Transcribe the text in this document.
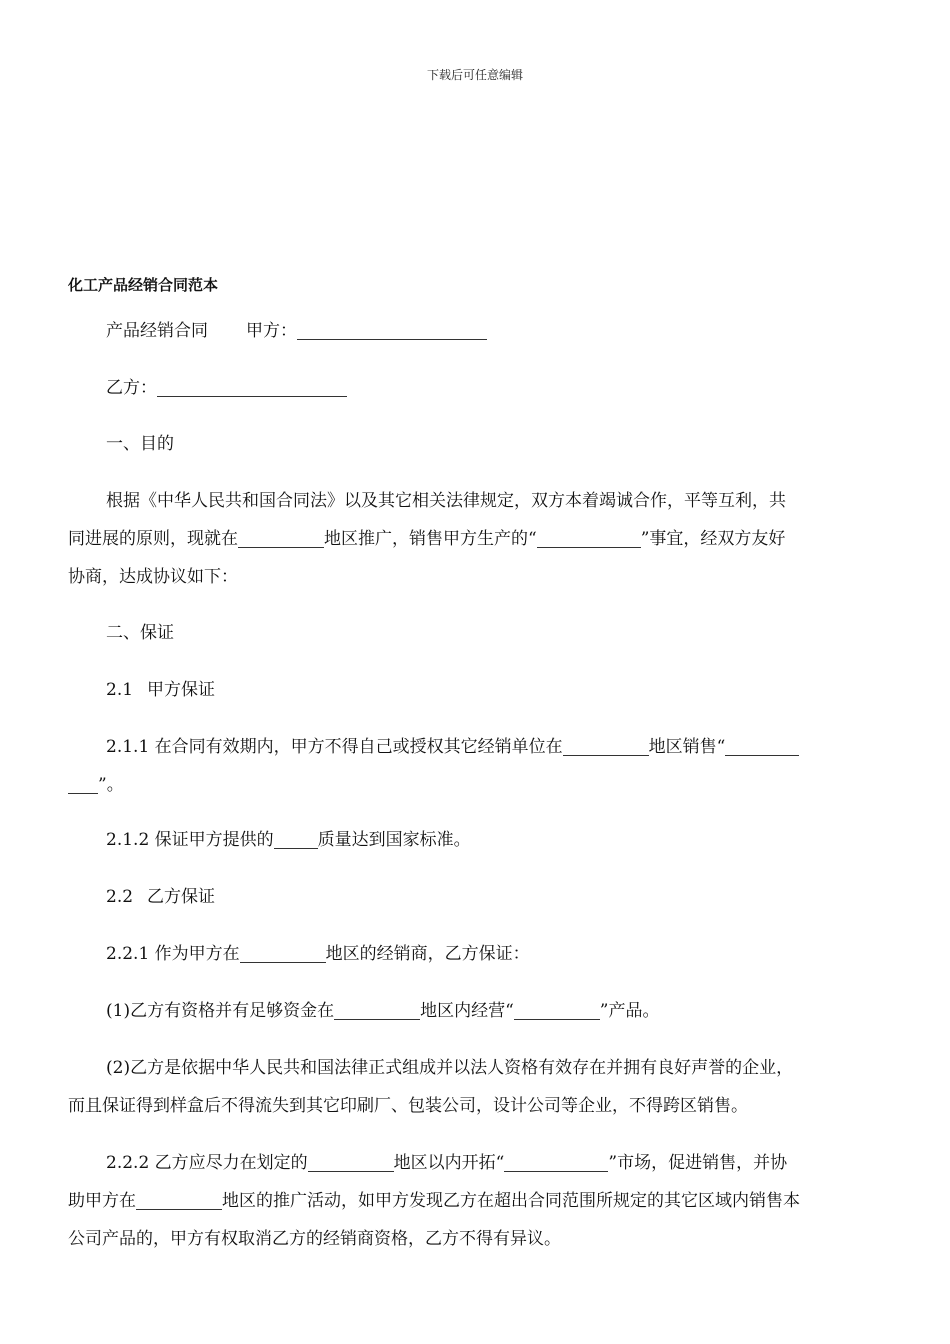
下载后可任意编辑
化工产品经销合同范本
产品经销合同 甲方：
乙方：
一、目的
根据《中华人民共和国合同法》以及其它相关法律规定，双方本着竭诚合作，平等互利，共
同进展的原则，现就在	地区推广，销售甲方生产的“	”事宜，经双方友好
协商，达成协议如下：
二、保证
2.1 甲方保证
2.1.1 在合同有效期内，甲方不得自己或授权其它经销单位在	地区销售“
”。
2.1.2 保证甲方提供的	质量达到国家标准。
2.2 乙方保证
2.2.1 作为甲方在	地区的经销商，乙方保证：
(1)乙方有资格并有足够资金在	地区内经营“	”产品。
(2)乙方是依据中华人民共和国法律正式组成并以法人资格有效存在并拥有良好声誉的企业，
而且保证得到样盒后不得流失到其它印刷厂、包装公司，设计公司等企业，不得跨区销售。
2.2.2 乙方应尽力在划定的	地区以内开拓“	”市场，促进销售，并协
助甲方在	地区的推广活动，如甲方发现乙方在超出合同范围所规定的其它区域内销售本
公司产品的，甲方有权取消乙方的经销商资格，乙方不得有异议。
